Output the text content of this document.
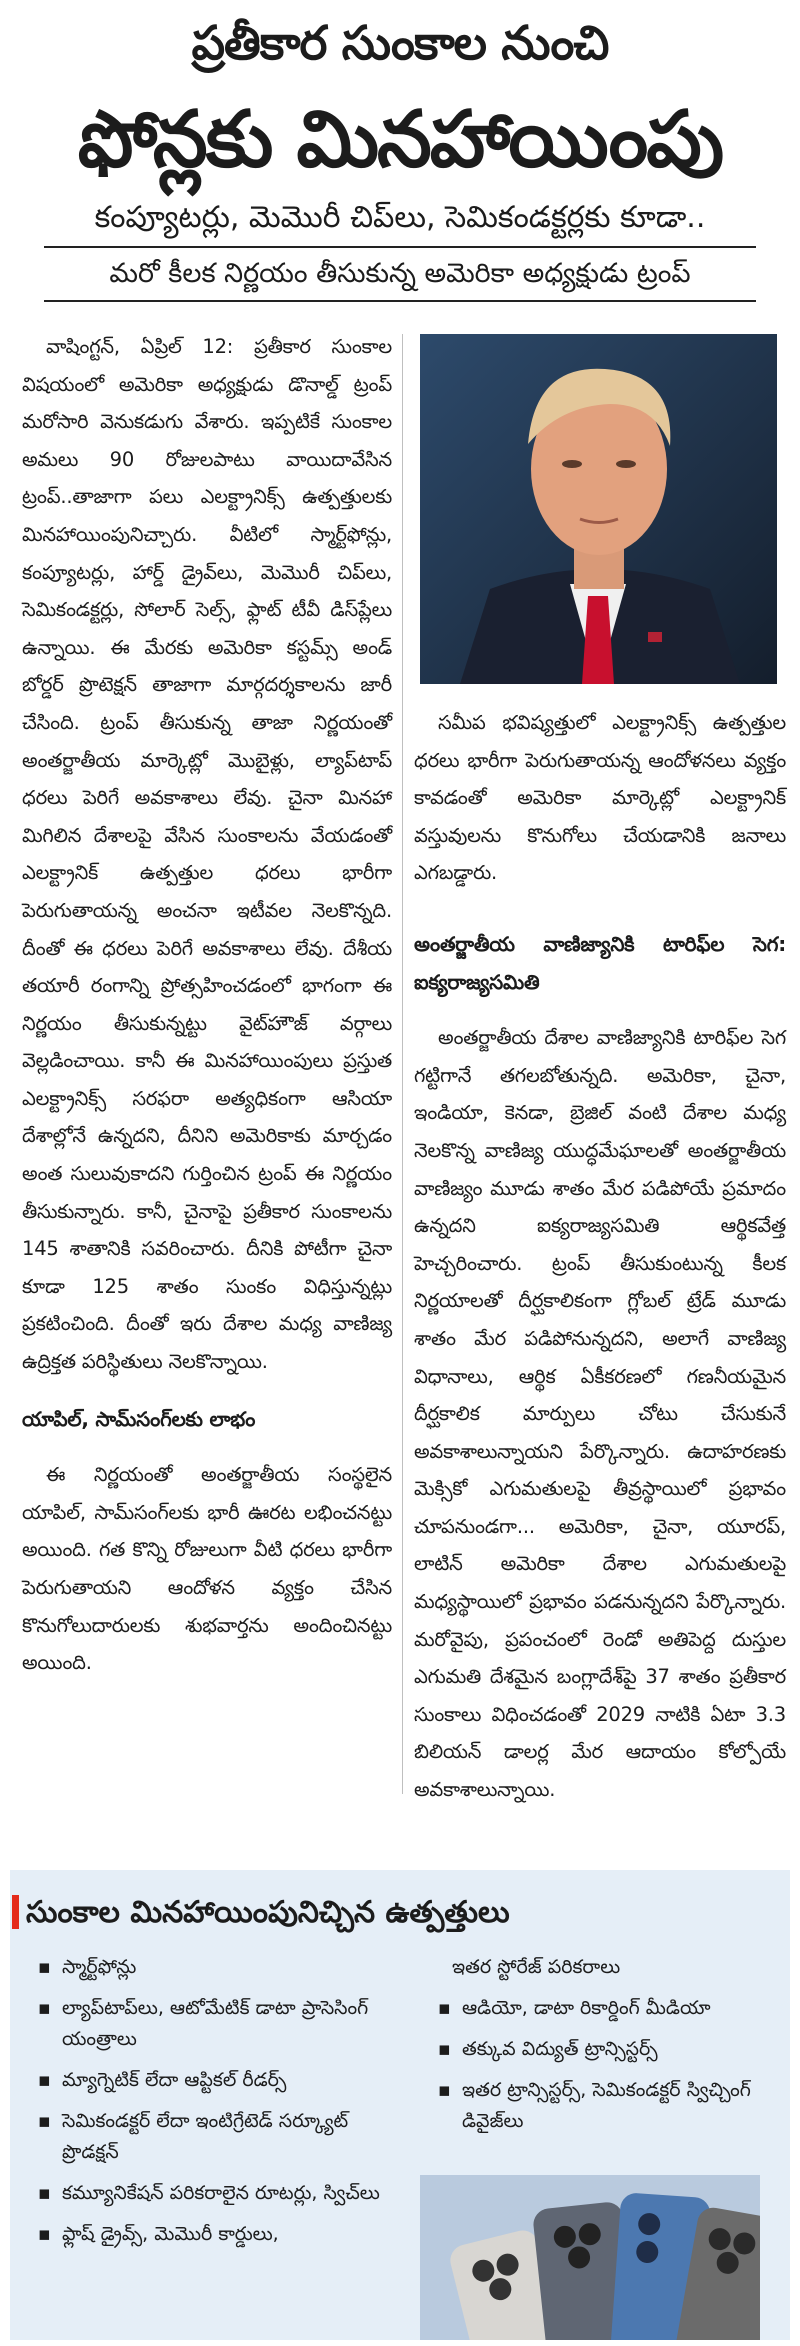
ప్రతీకార సుంకాల నుంచి
ఫోన్లకు మినహాయింపు
కంప్యూటర్లు, మెమొరీ చిప్‌లు, సెమికండక్టర్లకు కూడా..
మరో కీలక నిర్ణయం తీసుకున్న అమెరికా అధ్యక్షుడు ట్రంప్

వాషింగ్టన్, ఏప్రిల్ 12: ప్రతీకార సుంకాల విషయంలో అమెరికా అధ్యక్షుడు డొనాల్డ్ ట్రంప్ మరోసారి వెనుకడుగు వేశారు. ఇప్పటికే సుంకాల అమలు 90 రోజులపాటు వాయిదావేసిన ట్రంప్..తాజాగా పలు ఎలక్ట్రానిక్స్ ఉత్పత్తులకు మినహాయింపునిచ్చారు. వీటిలో స్మార్ట్‌ఫోన్లు, కంప్యూటర్లు, హార్డ్ డ్రైవ్‌లు, మెమొరీ చిప్‌లు, సెమికండక్టర్లు, సోలార్ సెల్స్, ఫ్లాట్ టీవీ డిస్‌ప్లేలు ఉన్నాయి. ఈ మేరకు అమెరికా కస్టమ్స్ అండ్ బోర్డర్ ప్రొటెక్షన్ తాజాగా మార్గదర్శకాలను జారీ చేసింది. ట్రంప్ తీసుకున్న తాజా నిర్ణయంతో అంతర్జాతీయ మార్కెట్లో మొబైళ్లు, ల్యాప్‌టాప్ ధరలు పెరిగే అవకాశాలు లేవు. చైనా మినహా మిగిలిన దేశాలపై వేసిన సుంకాలను వేయడంతో ఎలక్ట్రానిక్ ఉత్పత్తుల ధరలు భారీగా పెరుగుతాయన్న అంచనా ఇటీవల నెలకొన్నది. దీంతో ఈ ధరలు పెరిగే అవకాశాలు లేవు. దేశీయ తయారీ రంగాన్ని ప్రోత్సహించడంలో భాగంగా ఈ నిర్ణయం తీసుకున్నట్టు వైట్‌హౌజ్ వర్గాలు వెల్లడించాయి. కానీ ఈ మినహాయింపులు ప్రస్తుత ఎలక్ట్రానిక్స్ సరఫరా అత్యధికంగా ఆసియా దేశాల్లోనే ఉన్నదని, దీనిని అమెరికాకు మార్చడం అంత సులువుకాదని గుర్తించిన ట్రంప్ ఈ నిర్ణయం తీసుకున్నారు. కానీ, చైనాపై ప్రతీకార సుంకాలను 145 శాతానికి సవరించారు. దీనికి పోటీగా చైనా కూడా 125 శాతం సుంకం విధిస్తున్నట్లు ప్రకటించింది. దీంతో ఇరు దేశాల మధ్య వాణిజ్య ఉద్రిక్తత పరిస్థితులు నెలకొన్నాయి.

యాపిల్, సామ్‌సంగ్‌లకు లాభం

ఈ నిర్ణయంతో అంతర్జాతీయ సంస్థలైన యాపిల్, సామ్‌సంగ్‌లకు భారీ ఊరట లభించనట్టు అయింది. గత కొన్ని రోజులుగా వీటి ధరలు భారీగా పెరుగుతాయని ఆందోళన వ్యక్తం చేసిన కొనుగోలుదారులకు శుభవార్తను అందించినట్టు అయింది.

సమీప భవిష్యత్తులో ఎలక్ట్రానిక్స్ ఉత్పత్తుల ధరలు భారీగా పెరుగుతాయన్న ఆందోళనలు వ్యక్తం కావడంతో అమెరికా మార్కెట్లో ఎలక్ట్రానిక్ వస్తువులను కొనుగోలు చేయడానికి జనాలు ఎగబడ్డారు.

అంతర్జాతీయ వాణిజ్యానికి టారిఫ్‌ల సెగ: ఐక్యరాజ్యసమితి

అంతర్జాతీయ దేశాల వాణిజ్యానికి టారిఫ్‌ల సెగ గట్టిగానే తగలబోతున్నది. అమెరికా, చైనా, ఇండియా, కెనడా, బ్రెజిల్ వంటి దేశాల మధ్య నెలకొన్న వాణిజ్య యుద్ధమేఘాలతో అంతర్జాతీయ వాణిజ్యం మూడు శాతం మేర పడిపోయే ప్రమాదం ఉన్నదని ఐక్యరాజ్యసమితి ఆర్థికవేత్త హెచ్చరించారు. ట్రంప్ తీసుకుంటున్న కీలక నిర్ణయాలతో దీర్ఘకాలికంగా గ్లోబల్ ట్రేడ్ మూడు శాతం మేర పడిపోనున్నదని, అలాగే వాణిజ్య విధానాలు, ఆర్థిక ఏకీకరణలో గణనీయమైన దీర్ఘకాలిక మార్పులు చోటు చేసుకునే అవకాశాలున్నాయని పేర్కొన్నారు. ఉదాహరణకు మెక్సికో ఎగుమతులపై తీవ్రస్థాయిలో ప్రభావం చూపనుండగా... అమెరికా, చైనా, యూరప్, లాటిన్ అమెరికా దేశాల ఎగుమతులపై మధ్యస్థాయిలో ప్రభావం పడనున్నదని పేర్కొన్నారు. మరోవైపు, ప్రపంచంలో రెండో అతిపెద్ద దుస్తుల ఎగుమతి దేశమైన బంగ్లాదేశ్‌పై 37 శాతం ప్రతీకార సుంకాలు విధించడంతో 2029 నాటికి ఏటా 3.3 బిలియన్ డాలర్ల మేర ఆదాయం కోల్పోయే అవకాశాలున్నాయి.

సుంకాల మినహాయింపునిచ్చిన ఉత్పత్తులు
▪ స్మార్ట్‌ఫోన్లు
▪ ల్యాప్‌టాప్‌లు, ఆటోమేటిక్ డాటా ప్రాసెసింగ్ యంత్రాలు
▪ మ్యాగ్నెటిక్ లేదా ఆప్టికల్ రీడర్స్
▪ సెమికండక్టర్ లేదా ఇంటిగ్రేటెడ్ సర్క్యూట్ ప్రొడక్షన్
▪ కమ్యూనికేషన్ పరికరాలైన రూటర్లు, స్విచ్‌లు
▪ ఫ్లాష్ డ్రైవ్స్, మెమొరీ కార్డులు,
ఇతర స్టోరేజ్ పరికరాలు
▪ ఆడియో, డాటా రికార్డింగ్ మీడియా
▪ తక్కువ విద్యుత్ ట్రాన్సిస్టర్స్
▪ ఇతర ట్రాన్సిస్టర్స్, సెమికండక్టర్ స్విచ్చింగ్ డివైజ్‌లు
